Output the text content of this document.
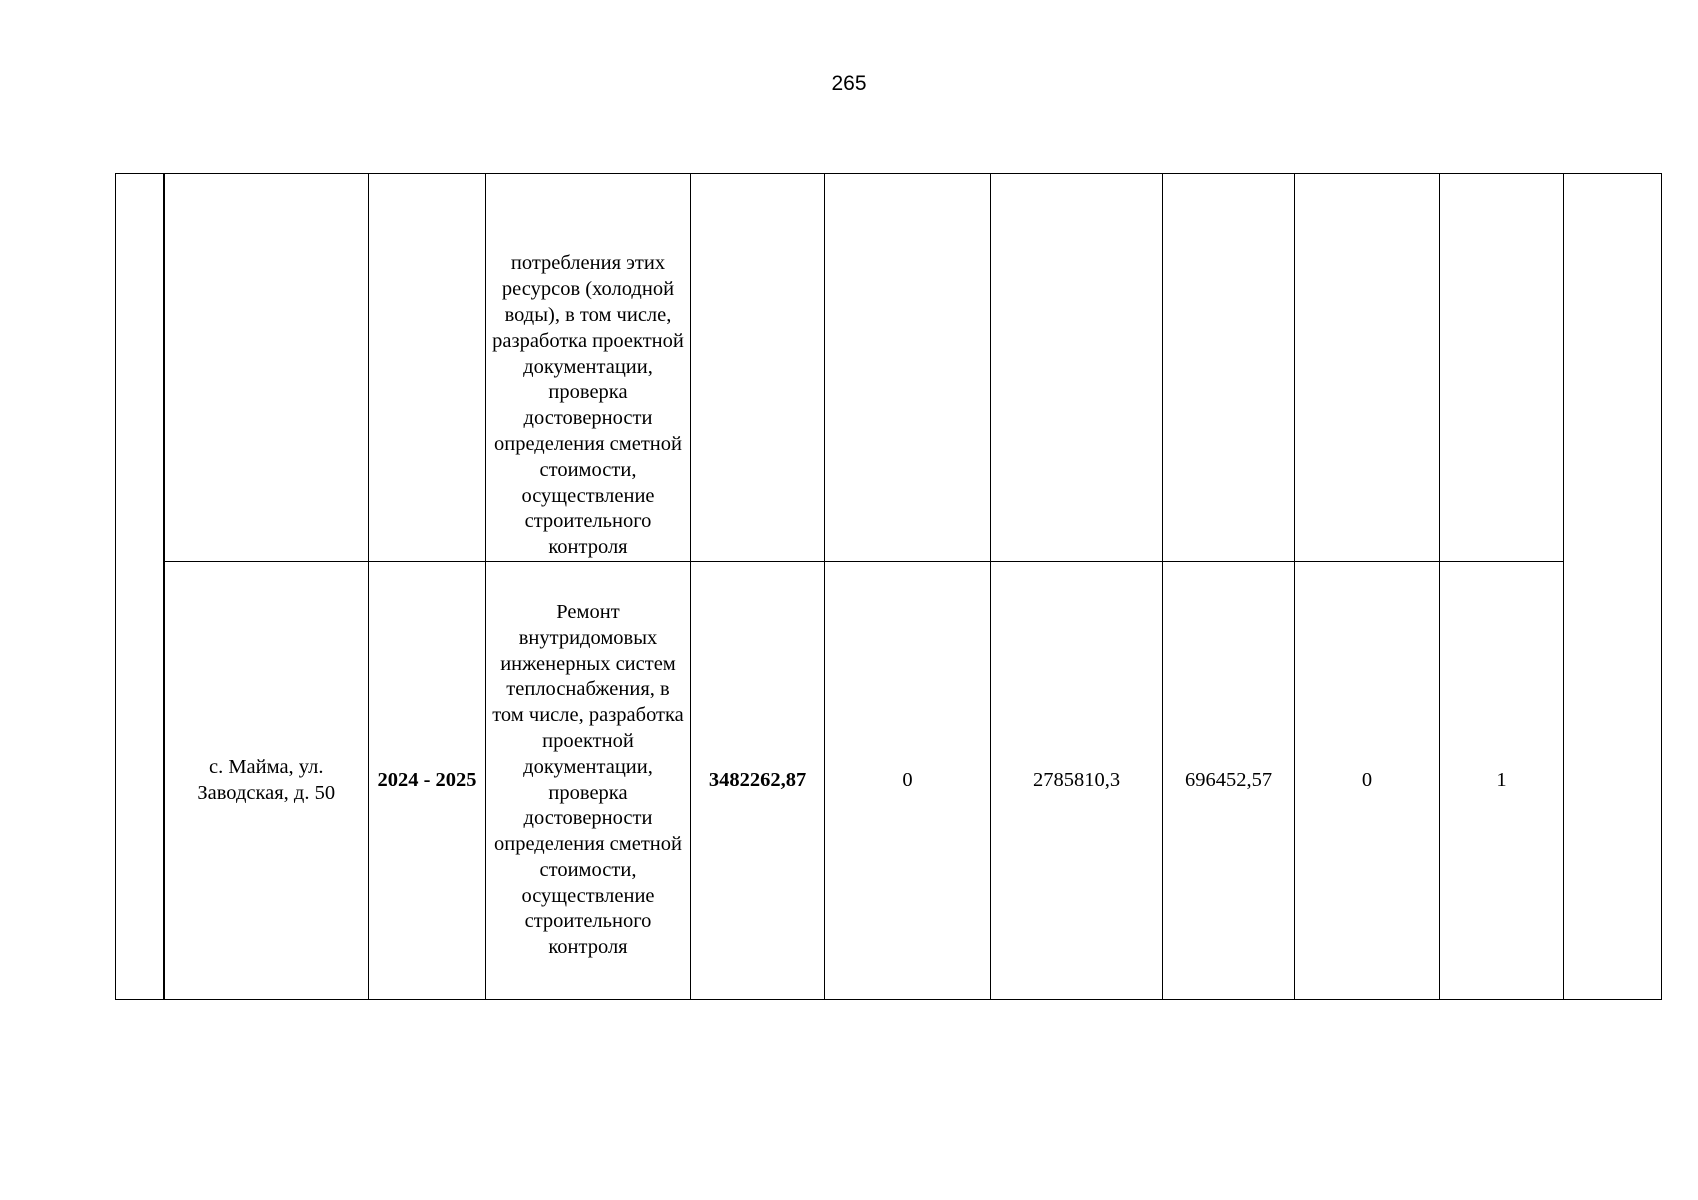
265
			потребления этих ресурсов (холодной воды), в том числе, разработка проектной документации, проверка достоверности определения сметной стоимости, осуществление строительного контроля							
	с. Майма, ул. Заводская, д. 50	2024 - 2025	Ремонт внутридомовых инженерных систем теплоснабжения, в том числе, разработка проектной документации, проверка достоверности определения сметной стоимости, осуществление строительного контроля	3482262,87	0	2785810,3	696452,57	0	1	
